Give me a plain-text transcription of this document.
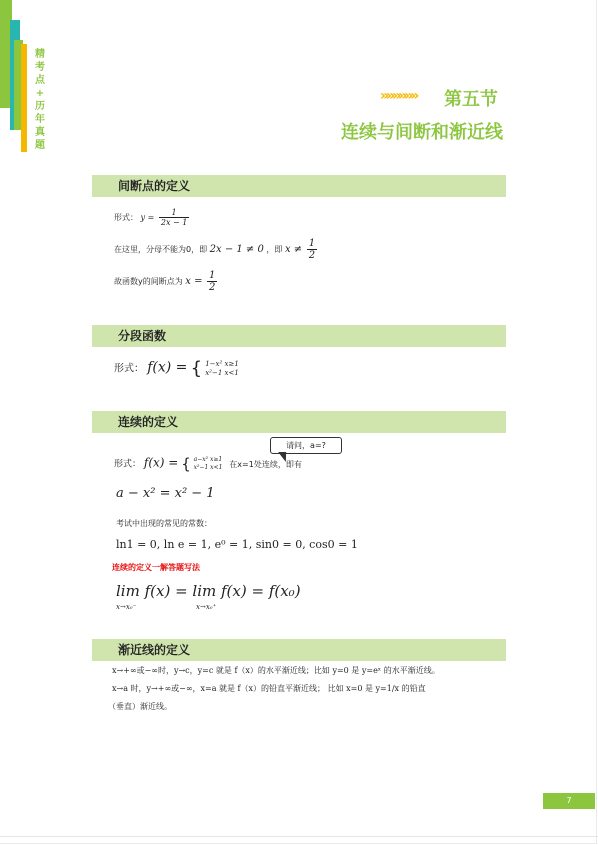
精
考
点
+
历
年
真
题
»»»»»» 第五节
连续与间断和渐近线
间断点的定义
形式： $y = \frac{1}{2x - 1}$
在这里，分母不能为0，即 2x − 1 ≠ 0 ，即 $x \ne \frac{1}{2}$
故函数y的间断点为 $x = \frac{1}{2}$
分段函数
形式： f(x) = { 1−x² x≥1
x²−1 x<1
连续的定义
请问，a=?
形式： f(x) = { a−x² x≥1
x²−1 x<1 在x=1处连续，即有
a − x² = x² − 1
考试中出现的常见的常数：
ln1 = 0, ln e = 1, e⁰ = 1, sin0 = 0, cos0 = 1
连续的定义一解答题写法
lim f(x) = lim f(x) = f(x₀)
x→x₀⁻	x→x₀⁺
渐近线的定义
x→+∞或−∞时，y→c，y=c 就是 f（x）的水平渐近线；比如 y=0 是 y=eˣ 的水平渐近线。
x→a 时，y→+∞或−∞，x=a 就是 f（x）的铅直平渐近线； 比如 x=0 是 y=1/x 的铅直
（垂直）渐近线。
7
